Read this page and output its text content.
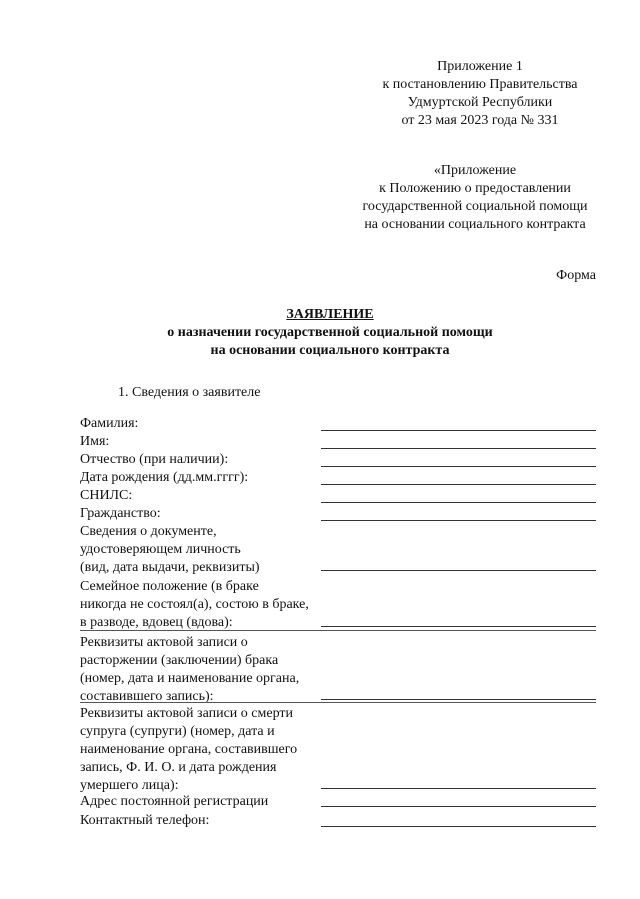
Приложение 1
к постановлению Правительства
Удмуртской Республики
от 23 мая 2023 года № 331
«Приложение
к Положению о предоставлении
государственной социальной помощи
на основании социального контракта
Форма
ЗАЯВЛЕНИЕ
о назначении государственной социальной помощи
на основании социального контракта
1. Сведения о заявителе
Фамилия:
Имя:
Отчество (при наличии):
Дата рождения (дд.мм.гггг):
СНИЛС:
Гражданство:
Сведения о документе,
удостоверяющем личность
(вид, дата выдачи, реквизиты)
Семейное положение (в браке
никогда не состоял(а), состою в браке,
в разводе, вдовец (вдова):
Реквизиты актовой записи о
расторжении (заключении) брака
(номер, дата и наименование органа,
составившего запись):
Реквизиты актовой записи о смерти
супруга (супруги) (номер, дата и
наименование органа, составившего
запись, Ф. И. О. и дата рождения
умершего лица):
Адрес постоянной регистрации
Контактный телефон:
